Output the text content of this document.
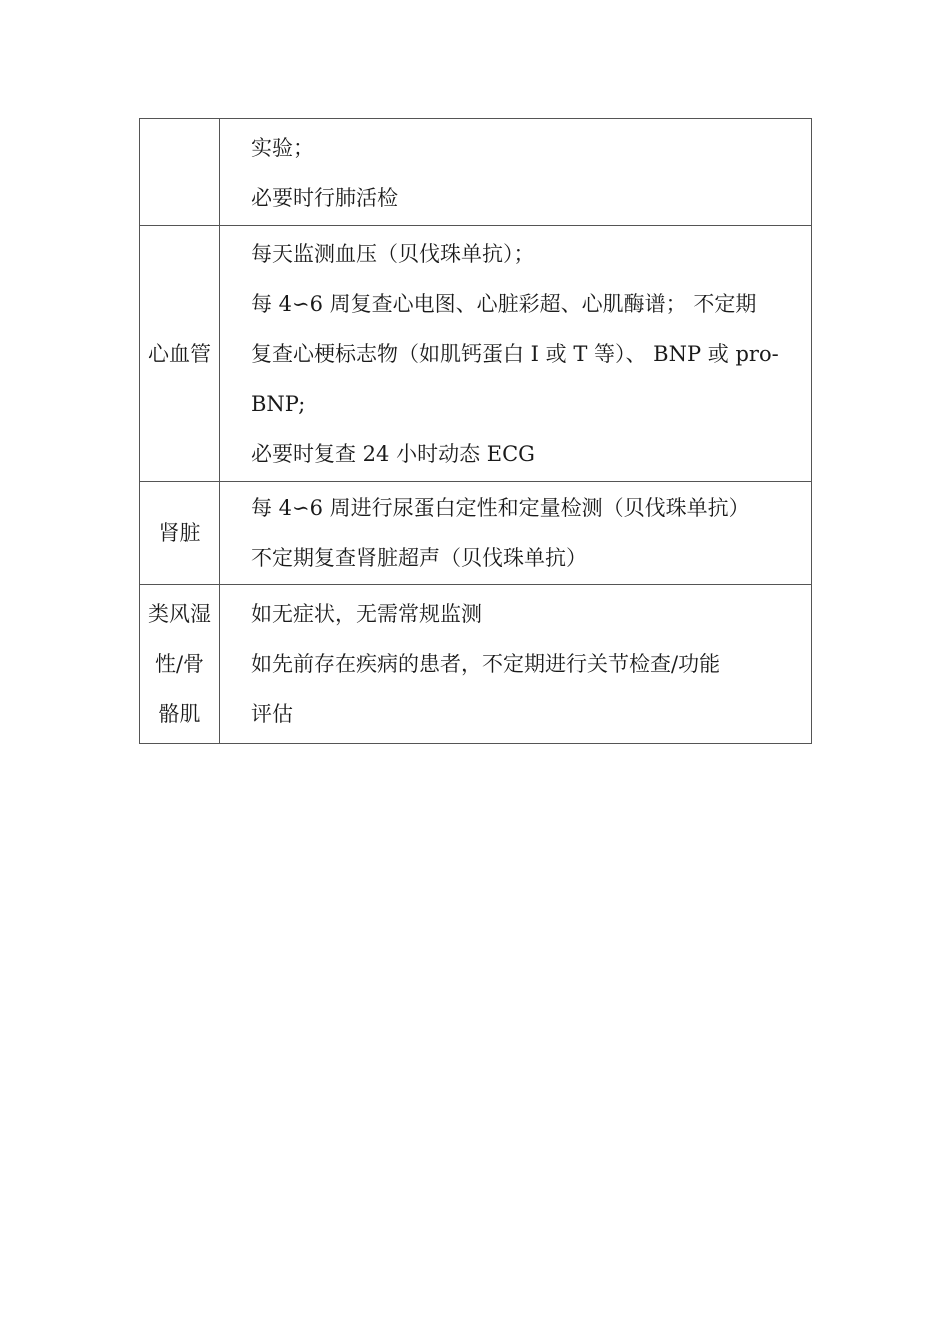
	实验；
必要时行肺活检

心血管	每天监测血压（贝伐珠单抗）；
每 4∽6 周复查心电图、心脏彩超、心肌酶谱； 不定期
复查心梗标志物（如肌钙蛋白 I 或 T 等）、 BNP 或 pro-
BNP;
必要时复查 24 小时动态 ECG

肾脏	每 4∽6 周进行尿蛋白定性和定量检测（贝伐珠单抗）
不定期复查肾脏超声（贝伐珠单抗）

类风湿
性/骨
骼肌	如无症状，无需常规监测
如先前存在疾病的患者，不定期进行关节检查/功能
评估
